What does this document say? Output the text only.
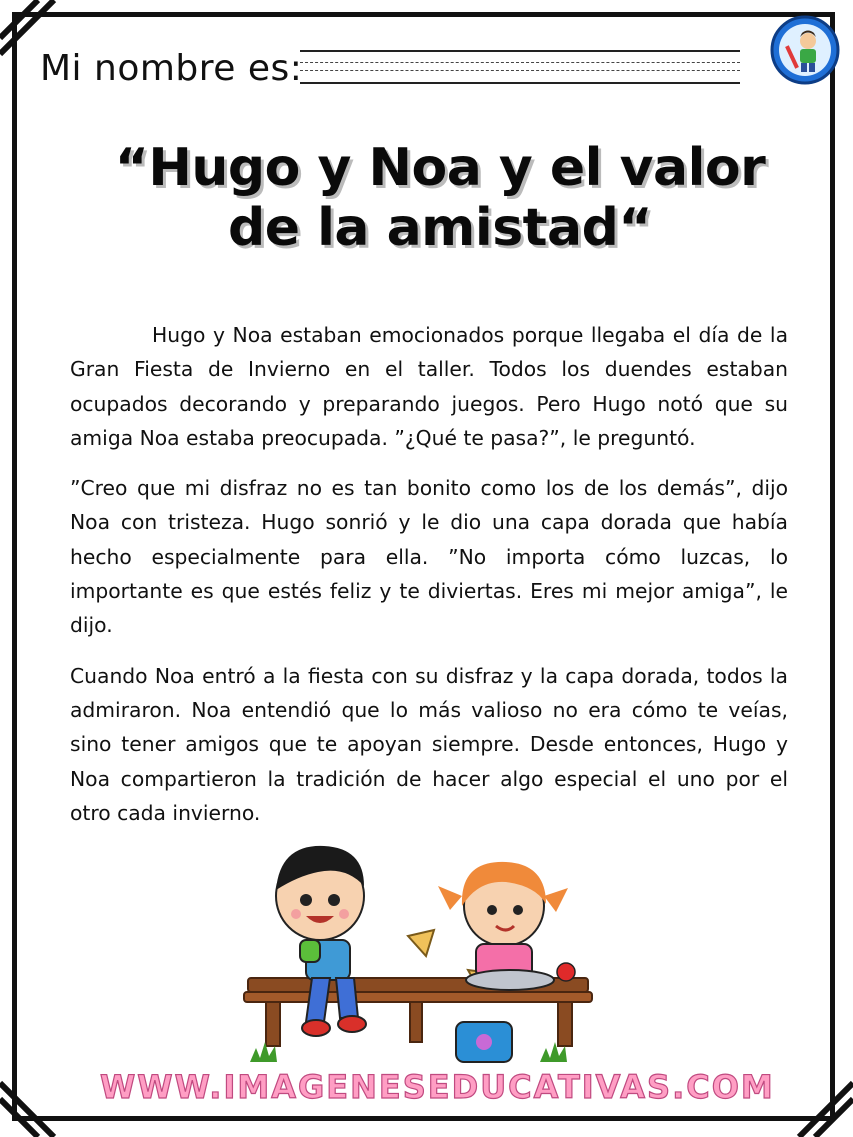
Mi nombre es:
“Hugo y Noa y el valor de la amistad“

Hugo y Noa estaban emocionados porque llegaba el día de la Gran Fiesta de Invierno en el taller. Todos los duendes estaban ocupados decorando y preparando juegos. Pero Hugo notó que su amiga Noa estaba preocupada. ”¿Qué te pasa?”, le preguntó.

”Creo que mi disfraz no es tan bonito como los de los demás”, dijo Noa con tristeza. Hugo sonrió y le dio una capa dorada que había hecho especialmente para ella. ”No importa cómo luzcas, lo importante es que estés feliz y te diviertas. Eres mi mejor amiga”, le dijo.

Cuando Noa entró a la fiesta con su disfraz y la capa dorada, todos la admiraron. Noa entendió que lo más valioso no era cómo te veías, sino tener amigos que te apoyan siempre. Desde entonces, Hugo y Noa compartieron la tradición de hacer algo especial el uno por el otro cada invierno.

WWW.IMAGENESEDUCATIVAS.COM
